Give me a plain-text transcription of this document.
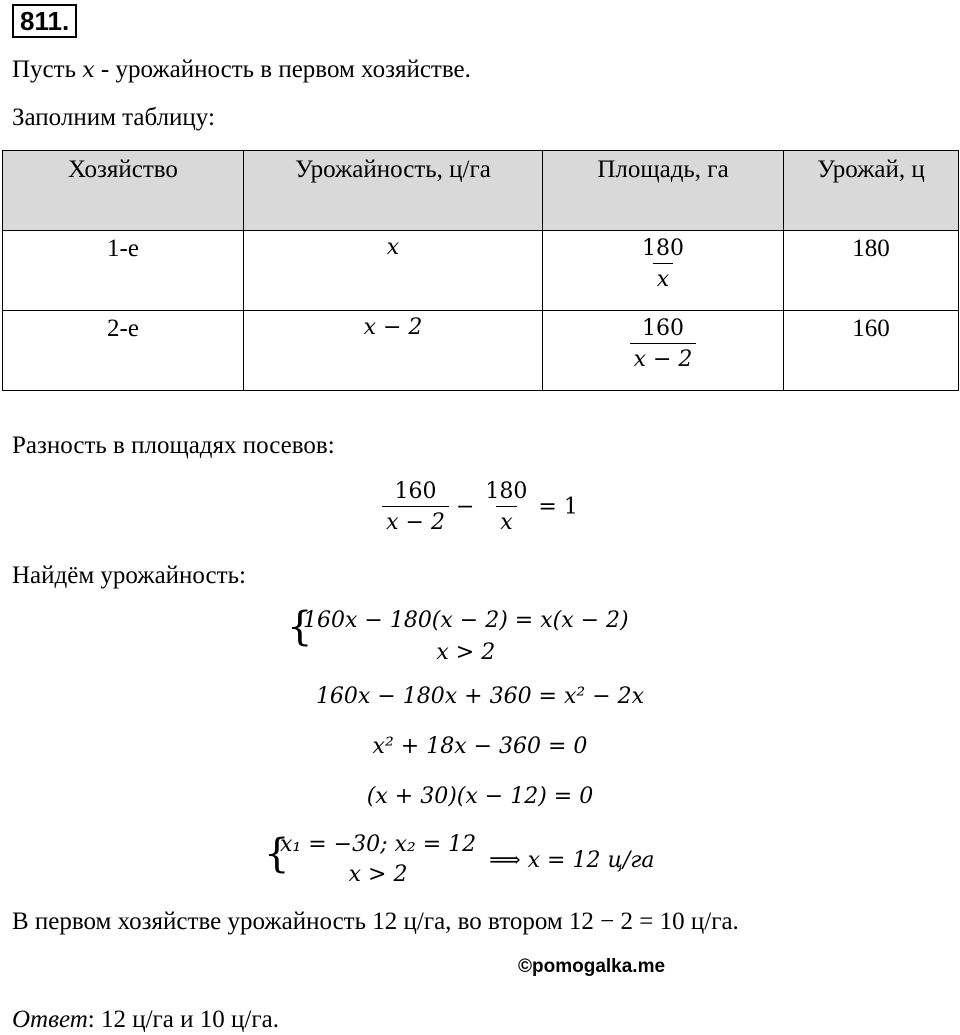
811.
Пусть x - урожайность в первом хозяйстве.
Заполним таблицу:
Хозяйство	Урожайность, ц/га	Площадь, га	Урожай, ц
1-е	x	$\frac{180}{x}$	180
2-е	x − 2	$\frac{160}{x - 2}$	160
Разность в площадях посевов:
$\frac{160}{x - 2} - \frac{180}{x} = 1$
Найдём урожайность:
{
160x − 180(x − 2) = x(x − 2)
x > 2
160x − 180x + 360 = x² − 2x
x² + 18x − 360 = 0
(x + 30)(x − 12) = 0
{
x₁ = −30; x₂ = 12
x > 2
⟹ x = 12 ц/га
В первом хозяйстве урожайность 12 ц/га, во втором 12 − 2 = 10 ц/га.
©pomogalka.me
Ответ: 12 ц/га и 10 ц/га.
